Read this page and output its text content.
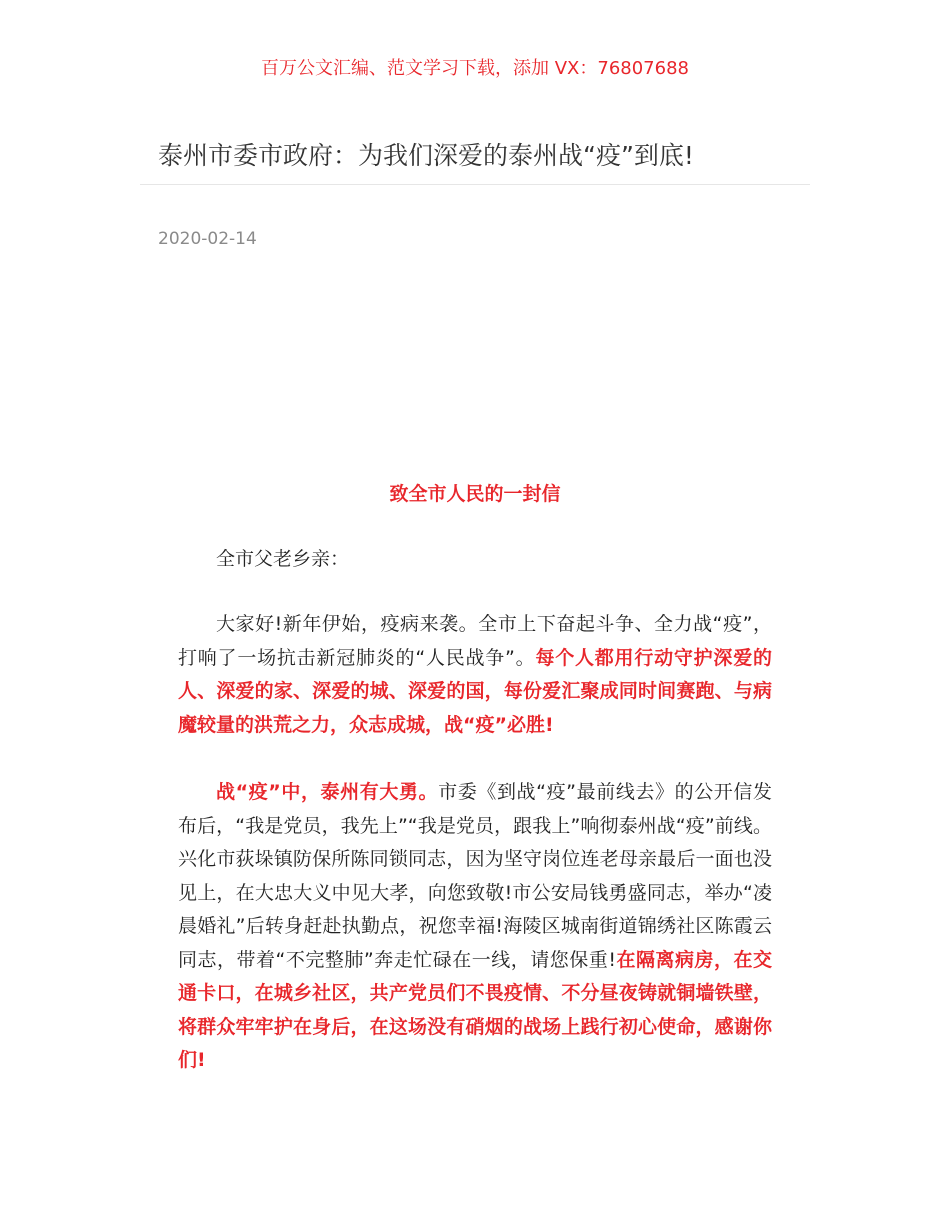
百万公文汇编、范文学习下载，添加 VX：76807688
泰州市委市政府：为我们深爱的泰州战“疫”到底!
2020-02-14
致全市人民的一封信
全市父老乡亲：

大家好!新年伊始，疫病来袭。全市上下奋起斗争、全力战“疫”，打响了一场抗击新冠肺炎的“人民战争”。每个人都用行动守护深爱的人、深爱的家、深爱的城、深爱的国，每份爱汇聚成同时间赛跑、与病魔较量的洪荒之力，众志成城，战“疫”必胜!

战“疫”中，泰州有大勇。市委《到战“疫”最前线去》的公开信发布后，“我是党员，我先上”“我是党员，跟我上”响彻泰州战“疫”前线。兴化市荻垛镇防保所陈同锁同志，因为坚守岗位连老母亲最后一面也没见上，在大忠大义中见大孝，向您致敬!市公安局钱勇盛同志，举办“凌晨婚礼”后转身赶赴执勤点，祝您幸福!海陵区城南街道锦绣社区陈霞云同志，带着“不完整肺”奔走忙碌在一线，请您保重!在隔离病房，在交通卡口，在城乡社区，共产党员们不畏疫情、不分昼夜铸就铜墙铁壁，将群众牢牢护在身后，在这场没有硝烟的战场上践行初心使命，感谢你们!
